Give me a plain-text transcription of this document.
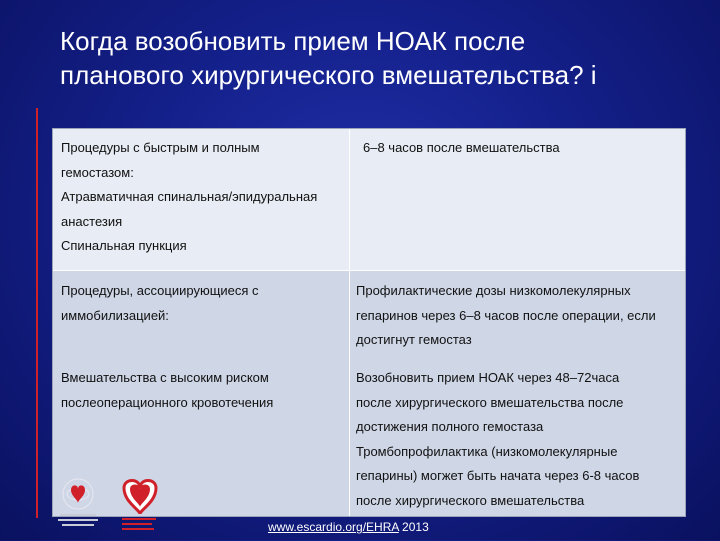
Когда возобновить прием НОАК после
планового хирургического вмешательства? i
Процедуры с быстрым и полным
гемостазом:
Атравматичная спинальная/эпидуральная
анастезия
Спинальная пункция
6–8 часов после вмешательства
Процедуры, ассоциирующиеся с
иммобилизацией:
Профилактические дозы низкомолекулярных
гепаринов через 6–8 часов после операции, если
достигнут гемостаз
Вмешательства с высоким риском
послеоперационного кровотечения
Возобновить прием НОАК через 48–72часа
после хирургического вмешательства после
достижения полного гемостаза
Тромбопрофилактика (низкомолекулярные
гепарины) могжет быть начата через 6-8 часов
после хирургического вмешательства
www.escardio.org/EHRA 2013
